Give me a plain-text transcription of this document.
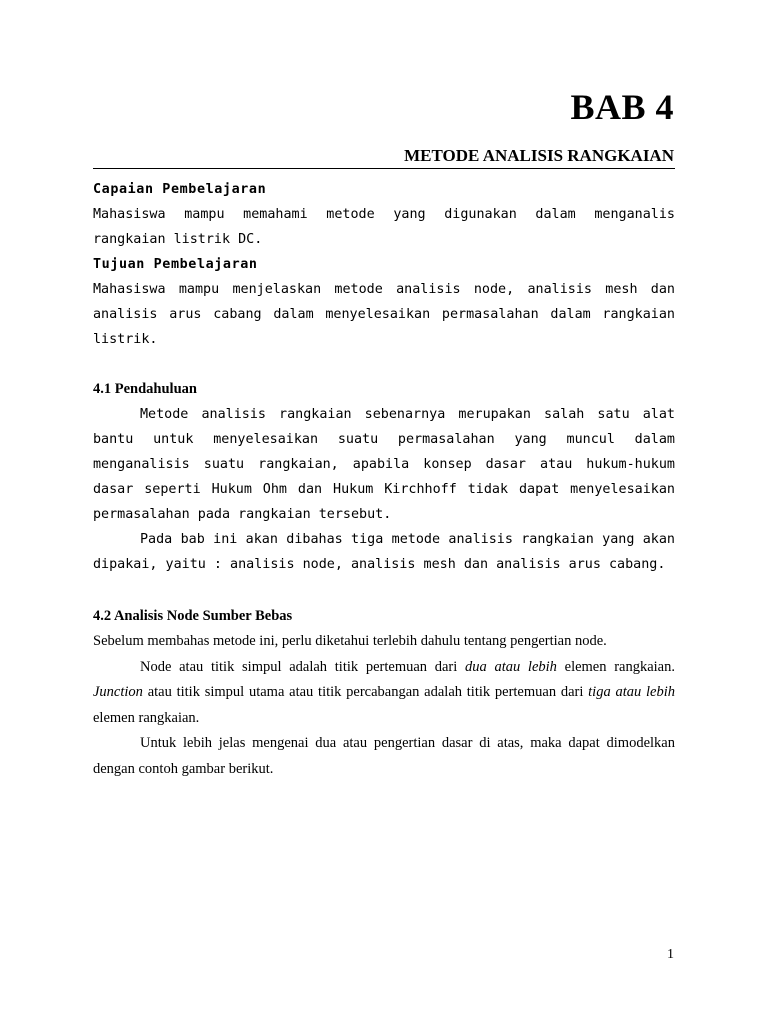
BAB 4
METODE ANALISIS RANGKAIAN

Capaian Pembelajaran

Mahasiswa mampu memahami metode yang digunakan dalam menganalis rangkaian listrik DC.

Tujuan Pembelajaran

Mahasiswa mampu menjelaskan metode analisis node, analisis mesh dan analisis arus cabang dalam menyelesaikan permasalahan dalam rangkaian listrik.

4.1 Pendahuluan

Metode analisis rangkaian sebenarnya merupakan salah satu alat bantu untuk menyelesaikan suatu permasalahan yang muncul dalam menganalisis suatu rangkaian, apabila konsep dasar atau hukum-hukum dasar seperti Hukum Ohm dan Hukum Kirchhoff tidak dapat menyelesaikan permasalahan pada rangkaian tersebut.

Pada bab ini akan dibahas tiga metode analisis rangkaian yang akan dipakai, yaitu : analisis node, analisis mesh dan analisis arus cabang.

4.2 Analisis Node Sumber Bebas

Sebelum membahas metode ini, perlu diketahui terlebih dahulu tentang pengertian node.

Node atau titik simpul adalah titik pertemuan dari dua atau lebih elemen rangkaian. Junction atau titik simpul utama atau titik percabangan adalah titik pertemuan dari tiga atau lebih elemen rangkaian.

Untuk lebih jelas mengenai dua atau pengertian dasar di atas, maka dapat dimodelkan dengan contoh gambar berikut.

1
